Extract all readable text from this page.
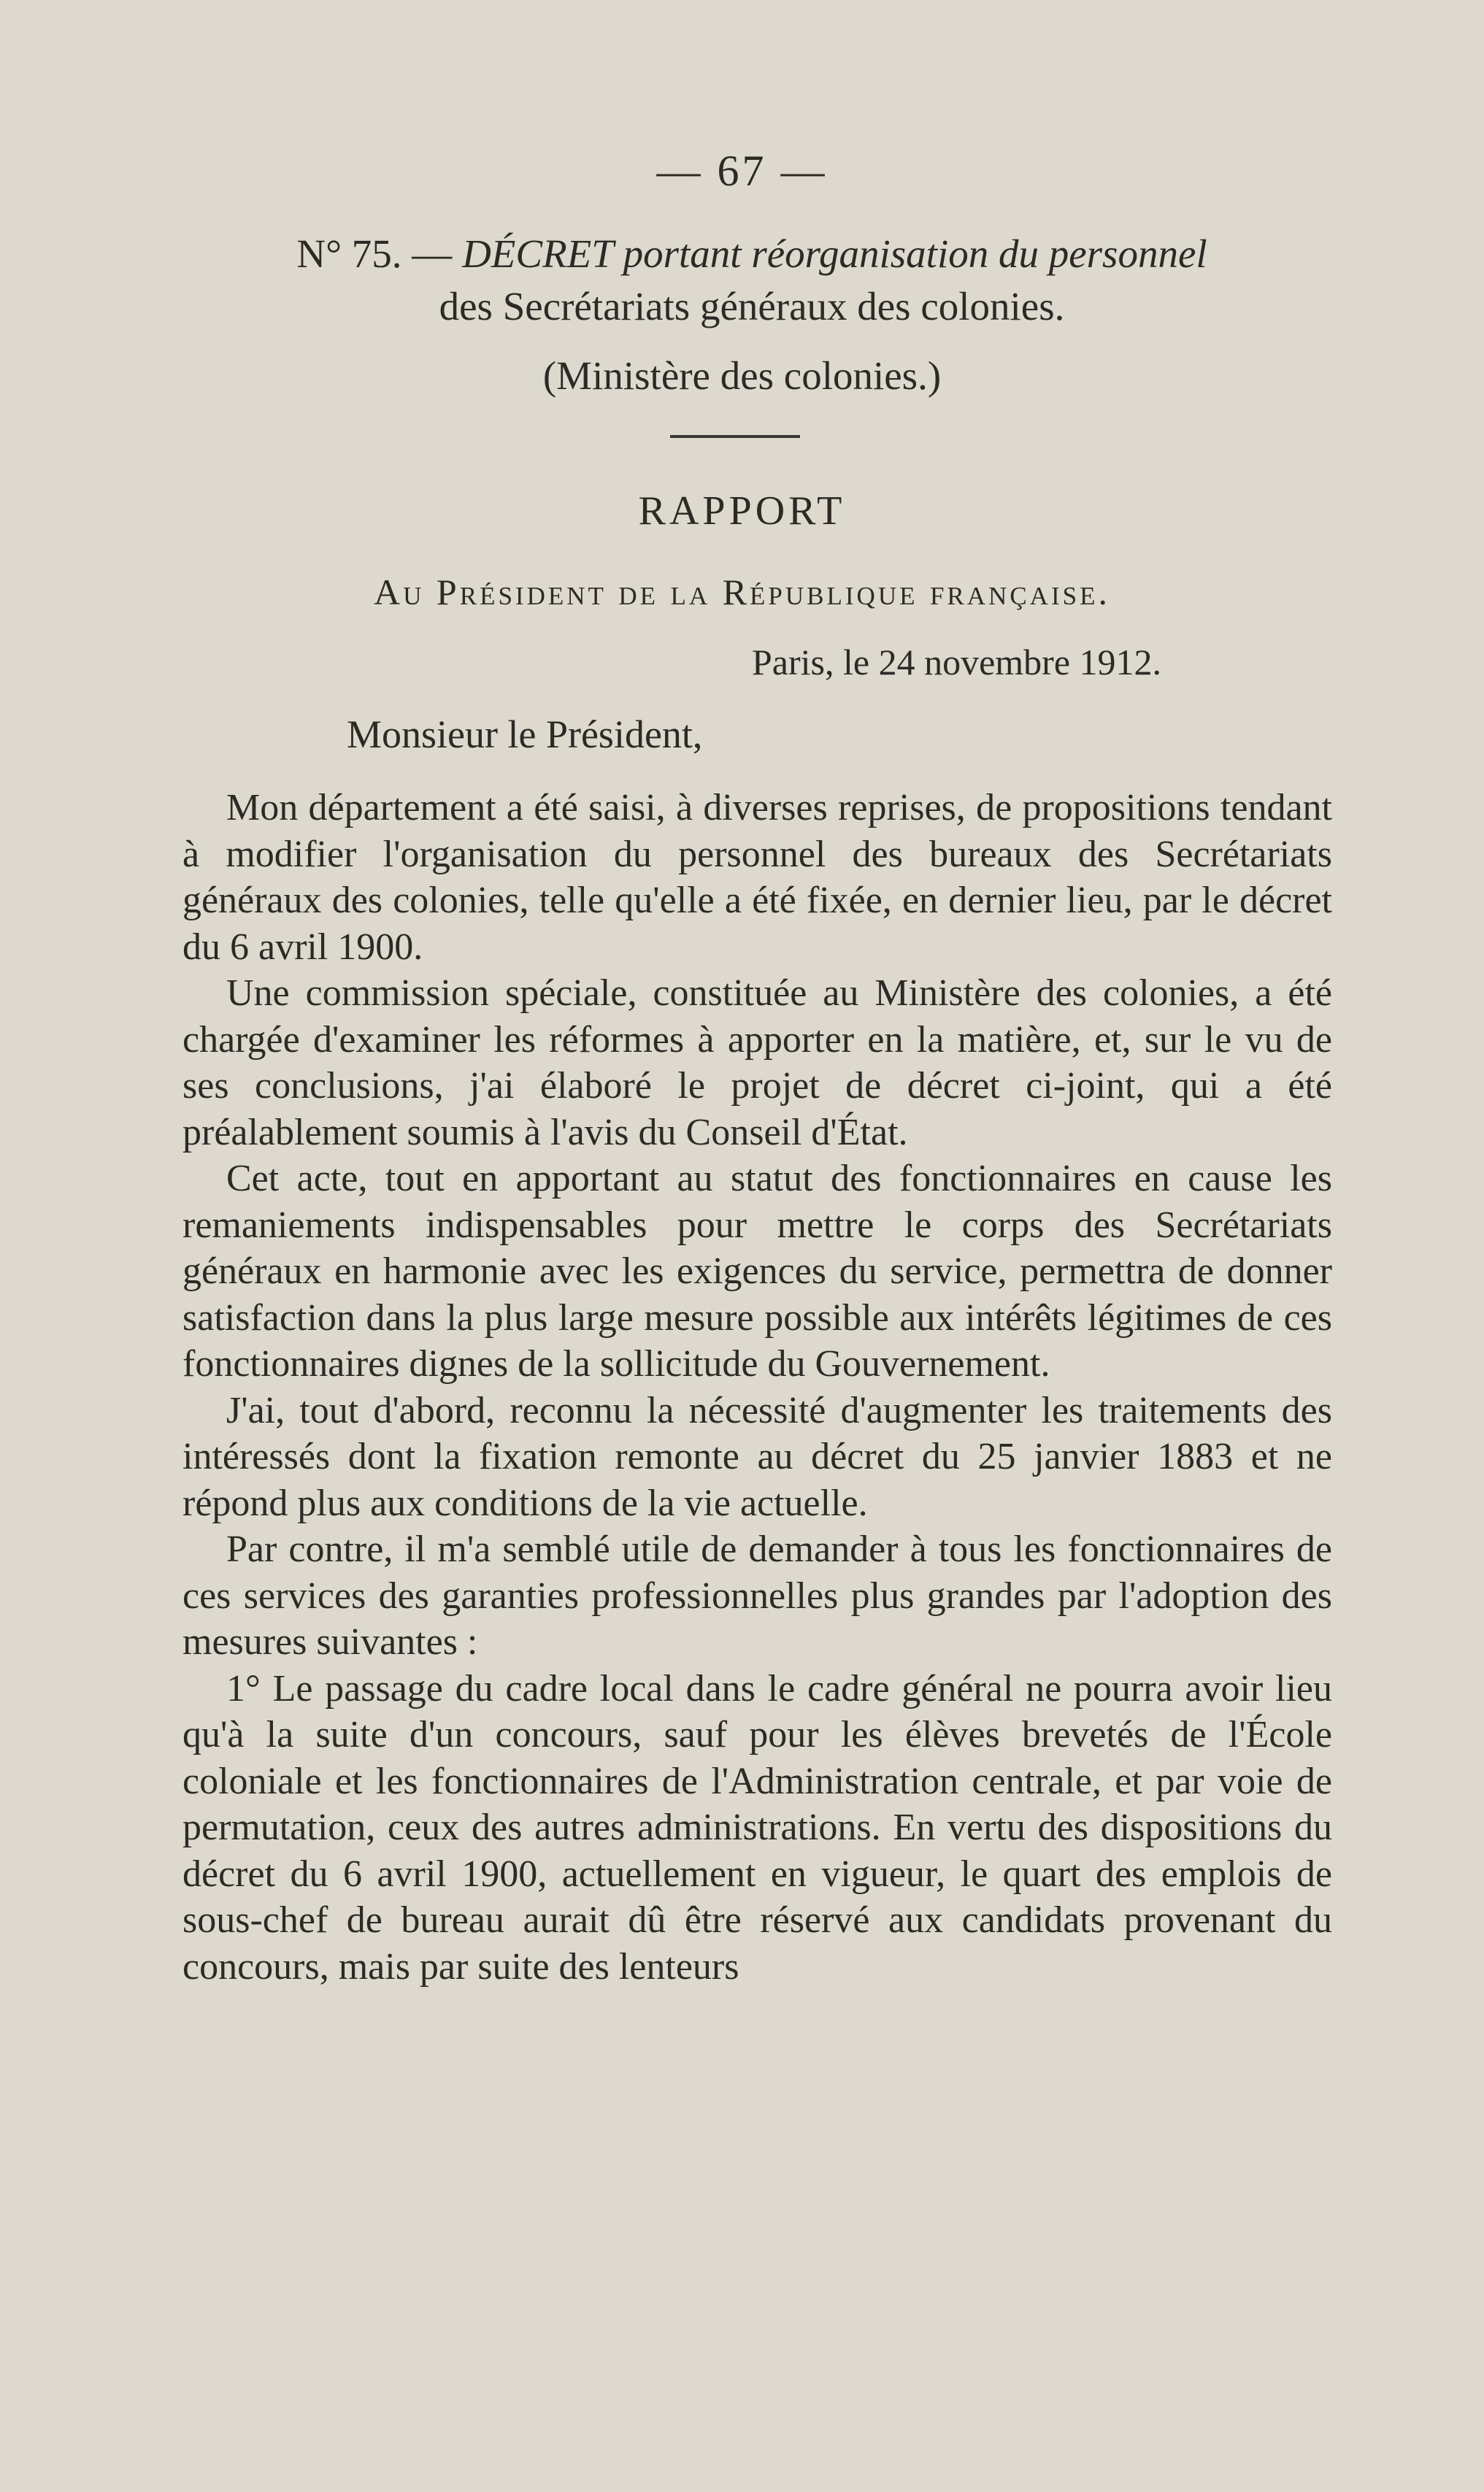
— 67 —
N° 75. — DÉCRET portant réorganisation du personnel
des Secrétariats généraux des colonies.
(Ministère des colonies.)
RAPPORT
Au Président de la République française.
Paris, le 24 novembre 1912.
Monsieur le Président,

Mon département a été saisi, à diverses reprises, de propositions tendant à modifier l'organisation du personnel des bureaux des Secrétariats généraux des colonies, telle qu'elle a été fixée, en dernier lieu, par le décret du 6 avril 1900.

Une commission spéciale, constituée au Ministère des colonies, a été chargée d'examiner les réformes à apporter en la matière, et, sur le vu de ses conclusions, j'ai élaboré le projet de décret ci-joint, qui a été préalablement soumis à l'avis du Conseil d'État.

Cet acte, tout en apportant au statut des fonctionnaires en cause les remaniements indispensables pour mettre le corps des Secrétariats généraux en harmonie avec les exigences du service, permettra de donner satisfaction dans la plus large mesure possible aux intérêts légitimes de ces fonctionnaires dignes de la sollicitude du Gouvernement.

J'ai, tout d'abord, reconnu la nécessité d'augmenter les traitements des intéressés dont la fixation remonte au décret du 25 janvier 1883 et ne répond plus aux conditions de la vie actuelle.

Par contre, il m'a semblé utile de demander à tous les fonctionnaires de ces services des garanties professionnelles plus grandes par l'adoption des mesures suivantes :

1° Le passage du cadre local dans le cadre général ne pourra avoir lieu qu'à la suite d'un concours, sauf pour les élèves brevetés de l'École coloniale et les fonctionnaires de l'Administration centrale, et par voie de permutation, ceux des autres administrations. En vertu des dispositions du décret du 6 avril 1900, actuellement en vigueur, le quart des emplois de sous-chef de bureau aurait dû être réservé aux candidats provenant du concours, mais par suite des lenteurs
